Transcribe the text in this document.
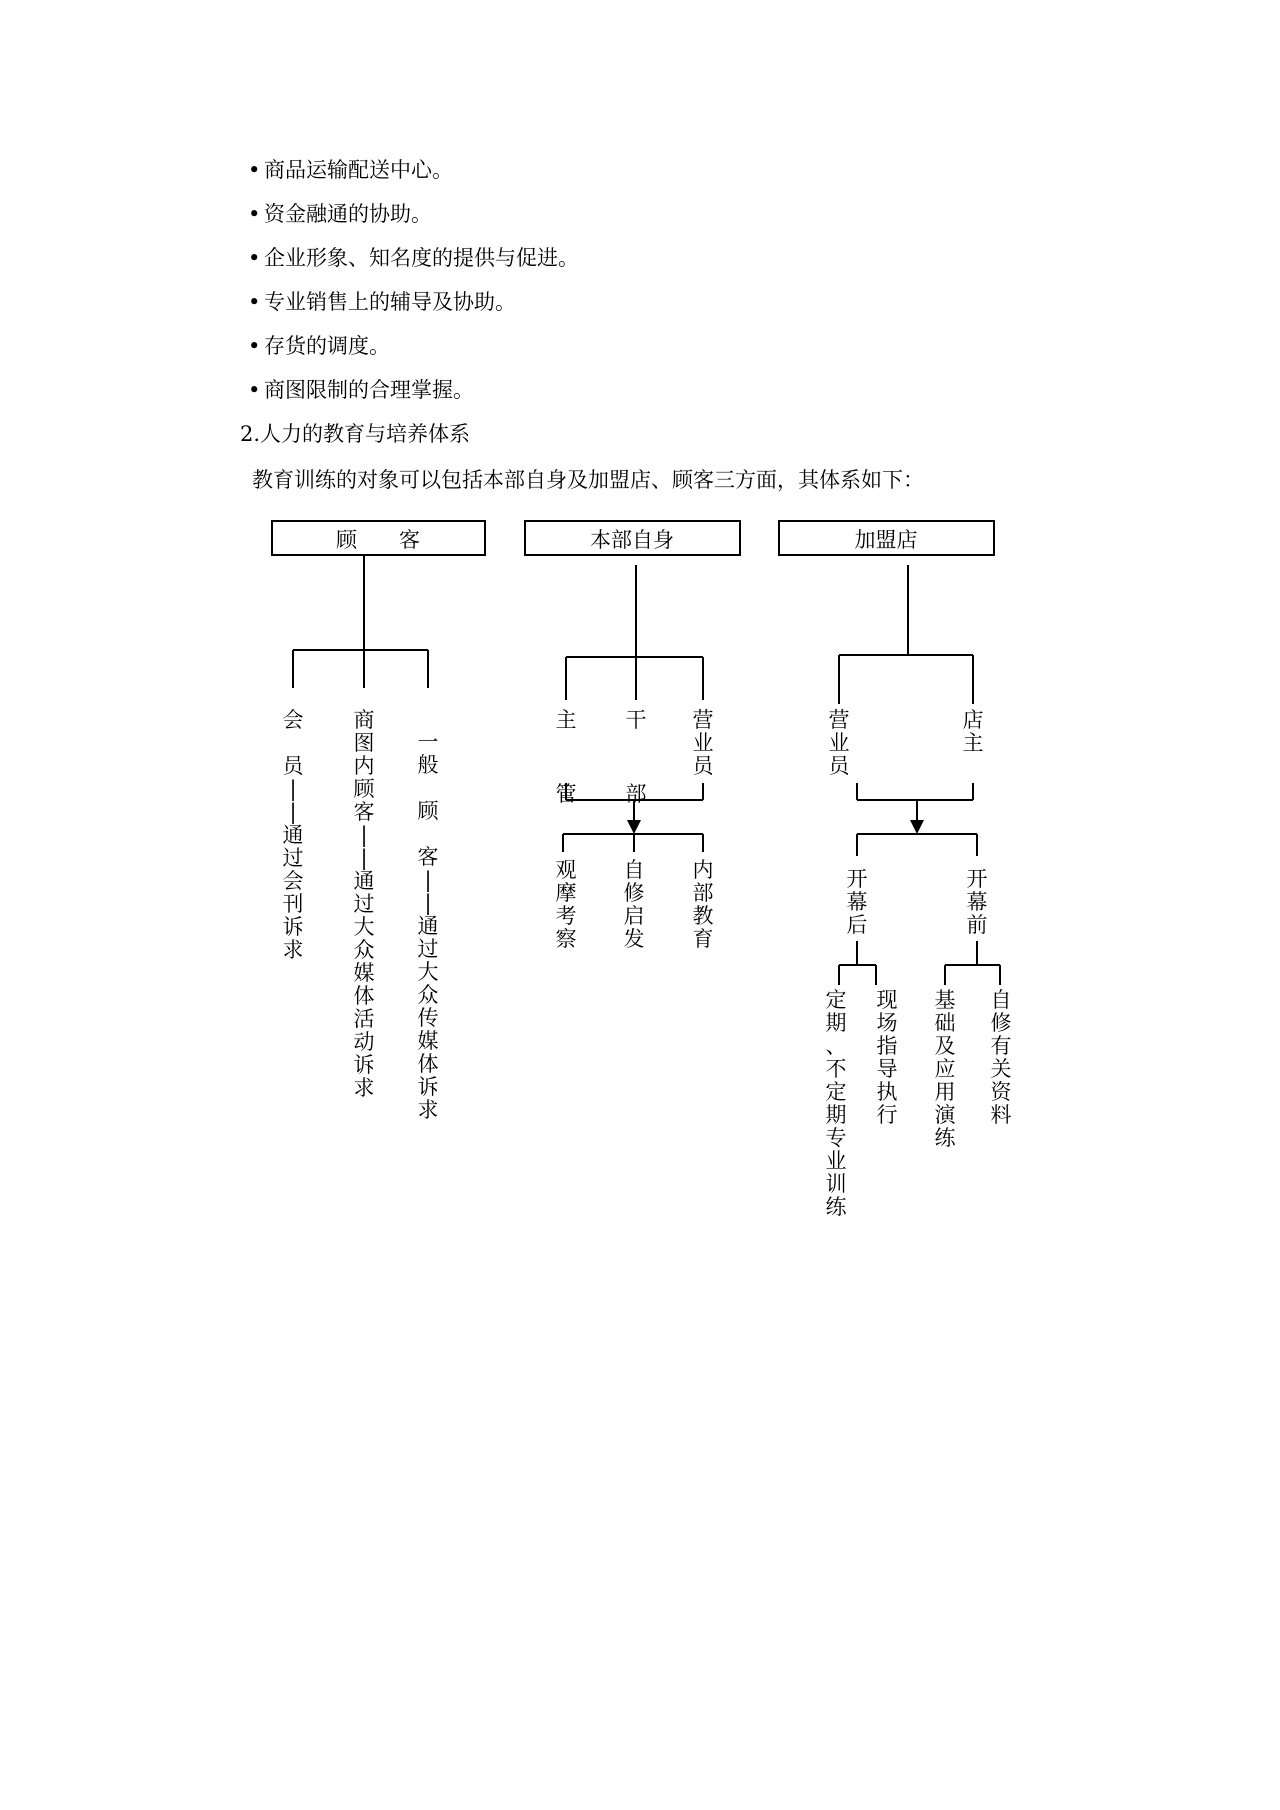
• 商品运输配送中心。
• 资金融通的协助。
• 企业形象、知名度的提供与促进。
• 专业销售上的辅导及协助。
• 存货的调度。
• 商图限制的合理掌握。
2.人力的教育与培养体系
教育训练的对象可以包括本部自身及加盟店、顾客三方面，其体系如下：
顾　　客	本部自身	加盟店
会 员| |通过会刊诉求
商图内顾客| |通过大众媒体活动诉求
一般 顾 客| |通过大众传媒体诉求
主 管
干 部
营业员
观摩考察
自修启发
内部教育
营业员
店主
开幕后
开幕前
定期、不定期专业训练
现场指导执行
基础及应用演练
自修有关资料
